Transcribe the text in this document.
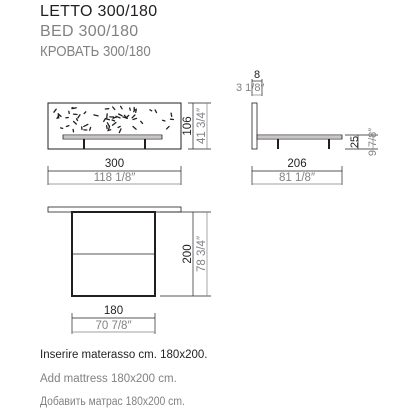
LETTO 300/180
BED 300/180
КРОВАТЬ 300/180
300
118 1/8″
106 41 3/4″
8
3 1/8″
206
81 1/8″
25 9 7/8″
180
70 7/8″
200 78 3/4″
Inserire materasso cm. 180x200.
Add mattress 180x200 cm.
Добавить матрас 180x200 cm.
